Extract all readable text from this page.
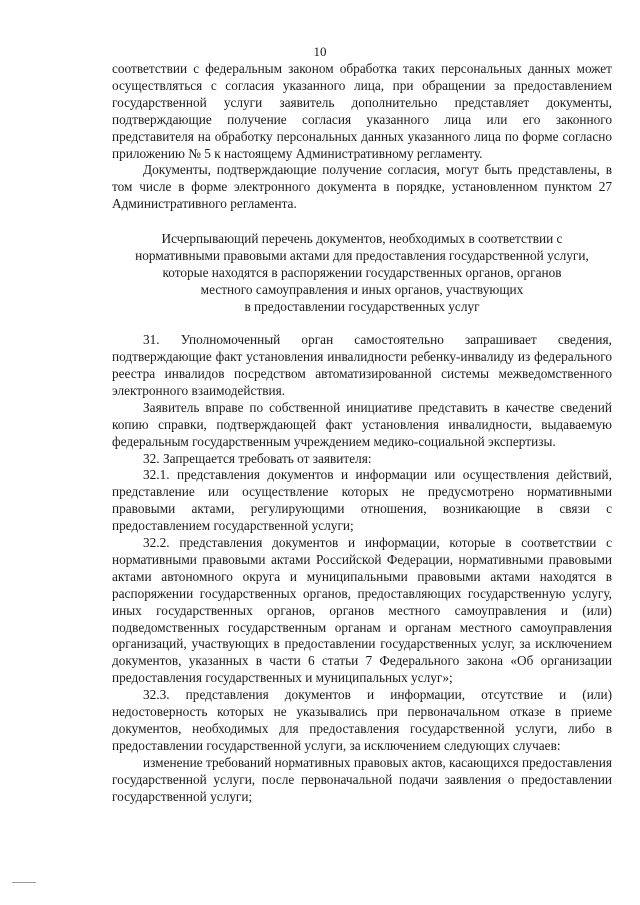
10

соответствии с федеральным законом обработка таких персональных данных может осуществляться с согласия указанного лица, при обращении за предоставлением государственной услуги заявитель дополнительно представляет документы, подтверждающие получение согласия указанного лица или его законного представителя на обработку персональных данных указанного лица по форме согласно приложению № 5 к настоящему Административному регламенту.

Документы, подтверждающие получение согласия, могут быть представлены, в том числе в форме электронного документа в порядке, установленном пунктом 27 Административного регламента.

Исчерпывающий перечень документов, необходимых в соответствии с
нормативными правовыми актами для предоставления государственной услуги,
которые находятся в распоряжении государственных органов, органов
местного самоуправления и иных органов, участвующих
в предоставлении государственных услуг

31. Уполномоченный орган самостоятельно запрашивает сведения, подтверждающие факт установления инвалидности ребенку-инвалиду из федерального реестра инвалидов посредством автоматизированной системы межведомственного электронного взаимодействия.

Заявитель вправе по собственной инициативе представить в качестве сведений копию справки, подтверждающей факт установления инвалидности, выдаваемую федеральным государственным учреждением медико-социальной экспертизы.

32. Запрещается требовать от заявителя:

32.1. представления документов и информации или осуществления действий, представление или осуществление которых не предусмотрено нормативными правовыми актами, регулирующими отношения, возникающие в связи с предоставлением государственной услуги;

32.2. представления документов и информации, которые в соответствии с нормативными правовыми актами Российской Федерации, нормативными правовыми актами автономного округа и муниципальными правовыми актами находятся в распоряжении государственных органов, предоставляющих государственную услугу, иных государственных органов, органов местного самоуправления и (или) подведомственных государственным органам и органам местного самоуправления организаций, участвующих в предоставлении государственных услуг, за исключением документов, указанных в части 6 статьи 7 Федерального закона «Об организации предоставления государственных и муниципальных услуг»;

32.3. представления документов и информации, отсутствие и (или) недостоверность которых не указывались при первоначальном отказе в приеме документов, необходимых для предоставления государственной услуги, либо в предоставлении государственной услуги, за исключением следующих случаев:

изменение требований нормативных правовых актов, касающихся предоставления государственной услуги, после первоначальной подачи заявления о предоставлении государственной услуги;
